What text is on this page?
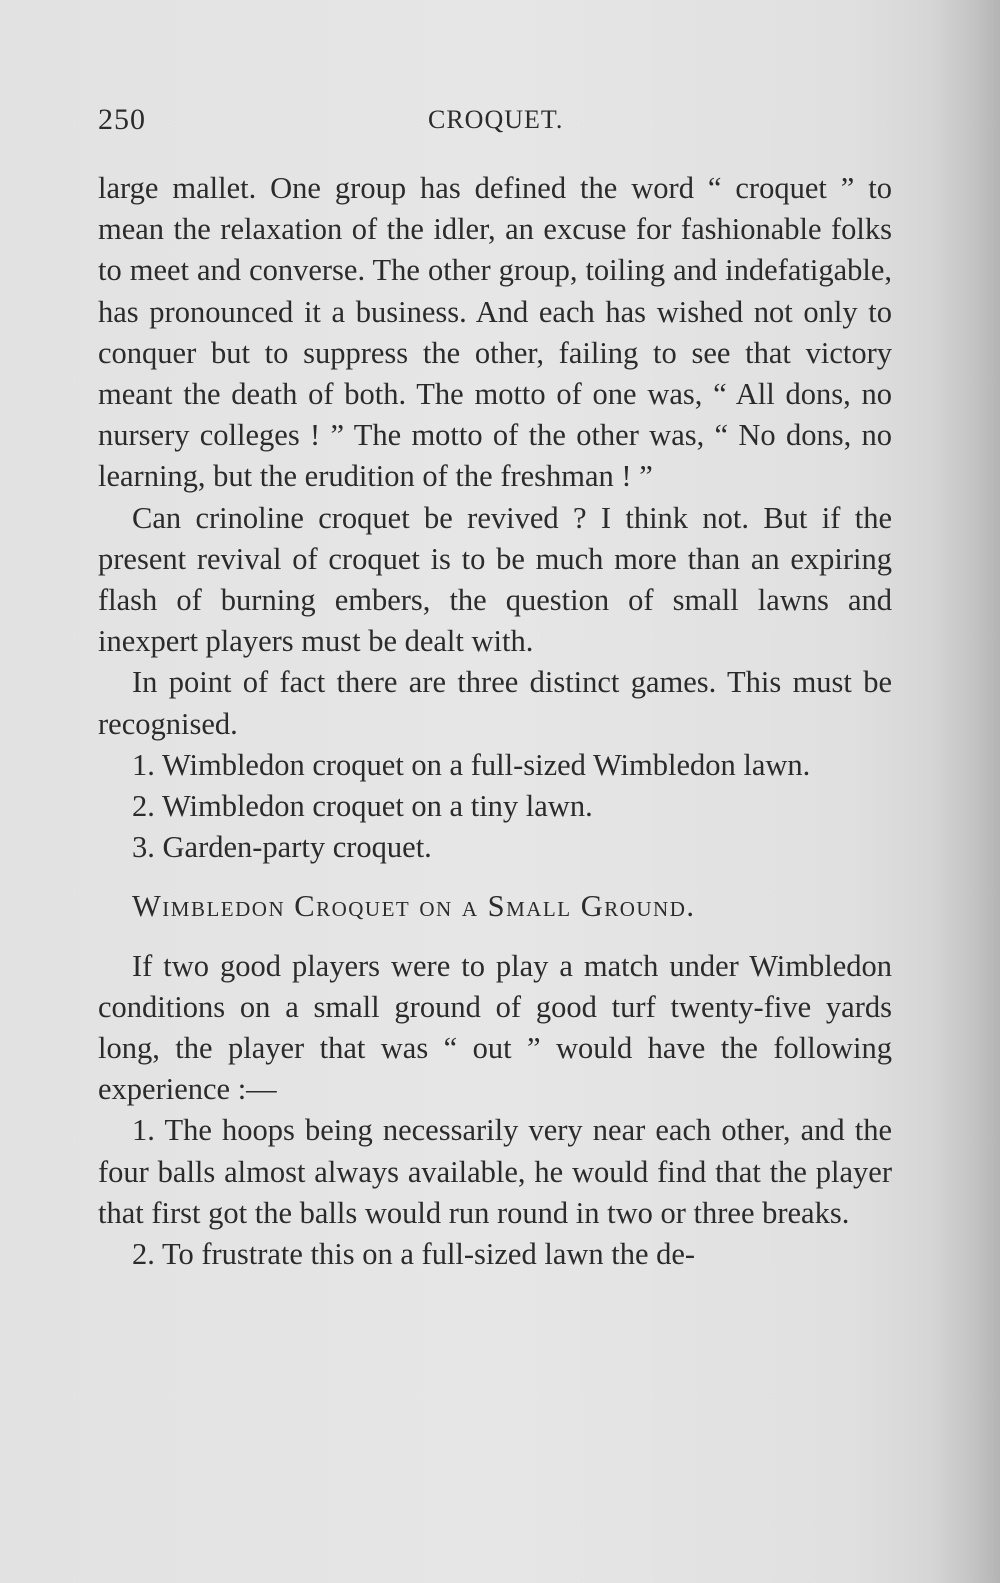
250	CROQUET.

large mallet. One group has defined the word “ croquet ” to mean the relaxation of the idler, an excuse for fashionable folks to meet and converse. The other group, toiling and indefatigable, has pronounced it a business. And each has wished not only to conquer but to suppress the other, failing to see that victory meant the death of both. The motto of one was, “ All dons, no nursery colleges ! ” The motto of the other was, “ No dons, no learning, but the erudition of the freshman ! ”

Can crinoline croquet be revived ? I think not. But if the present revival of croquet is to be much more than an expiring flash of burning embers, the question of small lawns and inexpert players must be dealt with.

In point of fact there are three distinct games. This must be recognised.

1. Wimbledon croquet on a full-sized Wimbledon lawn.

2. Wimbledon croquet on a tiny lawn.

3. Garden-party croquet.

Wimbledon Croquet on a Small Ground.

If two good players were to play a match under Wimbledon conditions on a small ground of good turf twenty-five yards long, the player that was “ out ” would have the following experience :—

1. The hoops being necessarily very near each other, and the four balls almost always available, he would find that the player that first got the balls would run round in two or three breaks.

2. To frustrate this on a full-sized lawn the de-
